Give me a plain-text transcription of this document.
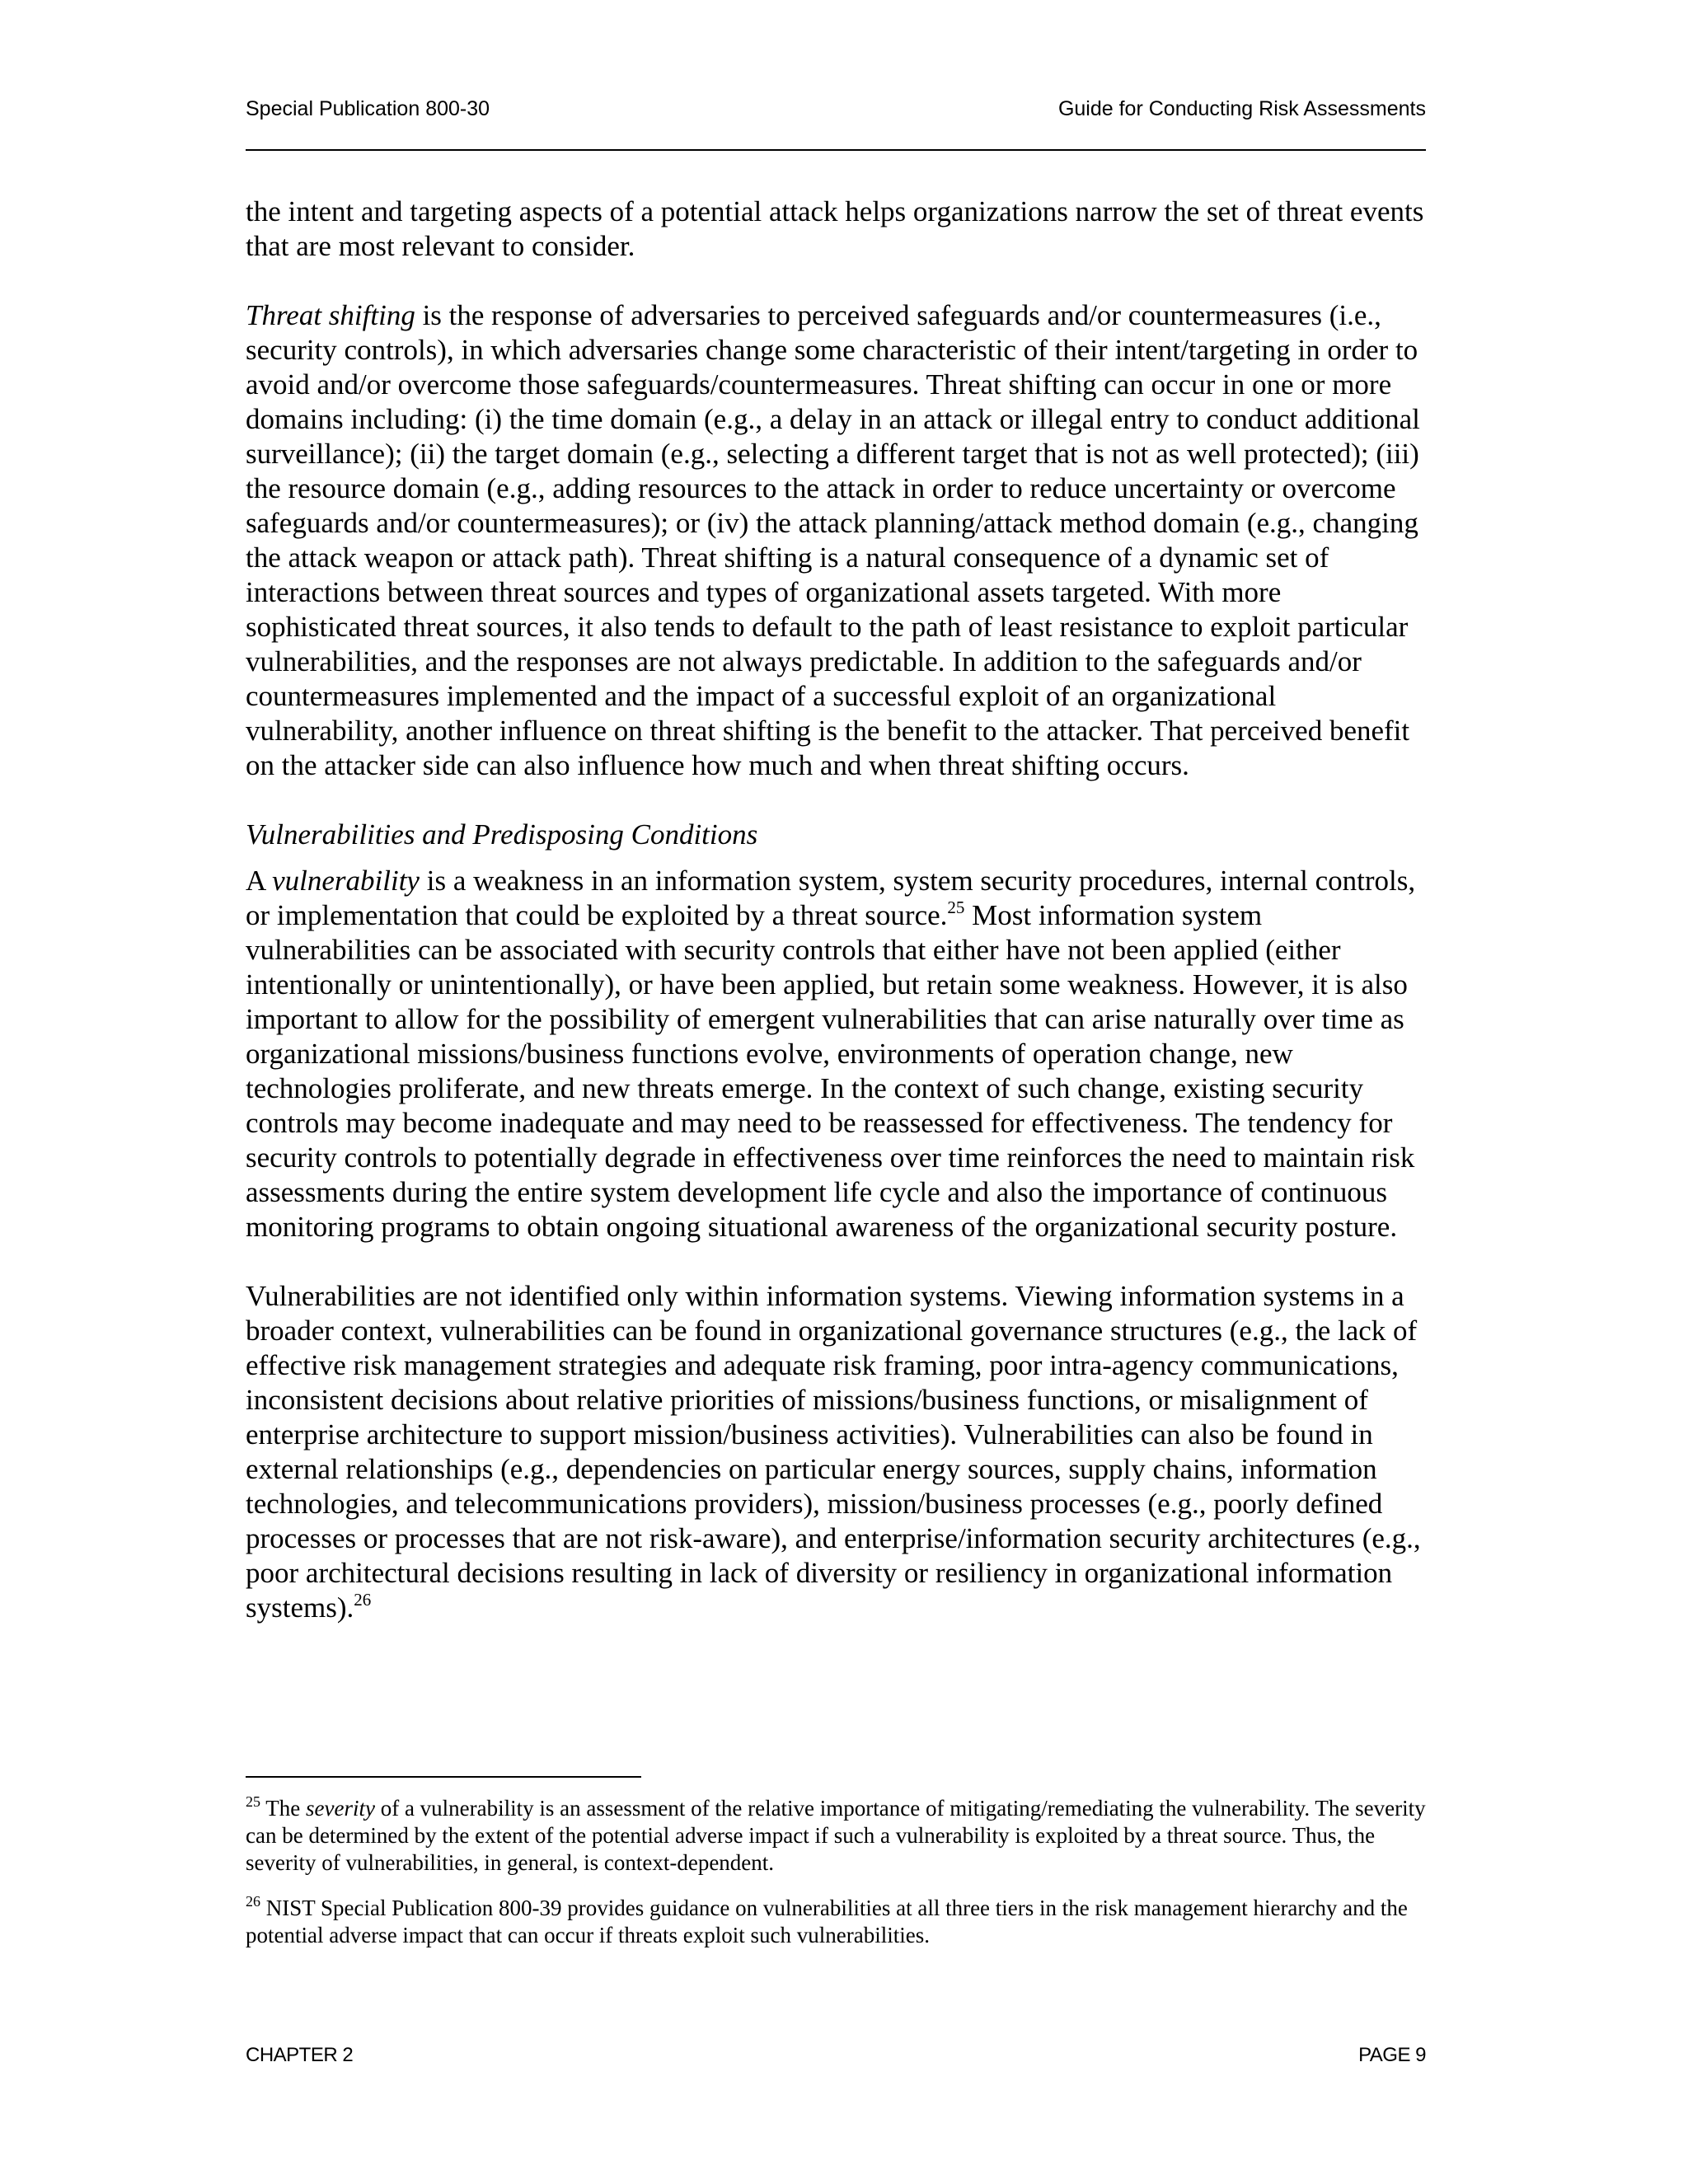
Special Publication 800-30	Guide for Conducting Risk Assessments

the intent and targeting aspects of a potential attack helps organizations narrow the set of threat events that are most relevant to consider.

Threat shifting is the response of adversaries to perceived safeguards and/or countermeasures (i.e., security controls), in which adversaries change some characteristic of their intent/targeting in order to avoid and/or overcome those safeguards/countermeasures. Threat shifting can occur in one or more domains including: (i) the time domain (e.g., a delay in an attack or illegal entry to conduct additional surveillance); (ii) the target domain (e.g., selecting a different target that is not as well protected); (iii) the resource domain (e.g., adding resources to the attack in order to reduce uncertainty or overcome safeguards and/or countermeasures); or (iv) the attack planning/attack method domain (e.g., changing the attack weapon or attack path). Threat shifting is a natural consequence of a dynamic set of interactions between threat sources and types of organizational assets targeted. With more sophisticated threat sources, it also tends to default to the path of least resistance to exploit particular vulnerabilities, and the responses are not always predictable. In addition to the safeguards and/or countermeasures implemented and the impact of a successful exploit of an organizational vulnerability, another influence on threat shifting is the benefit to the attacker. That perceived benefit on the attacker side can also influence how much and when threat shifting occurs.

Vulnerabilities and Predisposing Conditions

A vulnerability is a weakness in an information system, system security procedures, internal controls, or implementation that could be exploited by a threat source.$^{25}$ Most information system vulnerabilities can be associated with security controls that either have not been applied (either intentionally or unintentionally), or have been applied, but retain some weakness. However, it is also important to allow for the possibility of emergent vulnerabilities that can arise naturally over time as organizational missions/business functions evolve, environments of operation change, new technologies proliferate, and new threats emerge. In the context of such change, existing security controls may become inadequate and may need to be reassessed for effectiveness. The tendency for security controls to potentially degrade in effectiveness over time reinforces the need to maintain risk assessments during the entire system development life cycle and also the importance of continuous monitoring programs to obtain ongoing situational awareness of the organizational security posture.

Vulnerabilities are not identified only within information systems. Viewing information systems in a broader context, vulnerabilities can be found in organizational governance structures (e.g., the lack of effective risk management strategies and adequate risk framing, poor intra-agency communications, inconsistent decisions about relative priorities of missions/business functions, or misalignment of enterprise architecture to support mission/business activities). Vulnerabilities can also be found in external relationships (e.g., dependencies on particular energy sources, supply chains, information technologies, and telecommunications providers), mission/business processes (e.g., poorly defined processes or processes that are not risk-aware), and enterprise/information security architectures (e.g., poor architectural decisions resulting in lack of diversity or resiliency in organizational information systems).$^{26}$

$^{25}$ The severity of a vulnerability is an assessment of the relative importance of mitigating/remediating the vulnerability. The severity can be determined by the extent of the potential adverse impact if such a vulnerability is exploited by a threat source. Thus, the severity of vulnerabilities, in general, is context-dependent.

$^{26}$ NIST Special Publication 800-39 provides guidance on vulnerabilities at all three tiers in the risk management hierarchy and the potential adverse impact that can occur if threats exploit such vulnerabilities.

CHAPTER 2	PAGE 9
